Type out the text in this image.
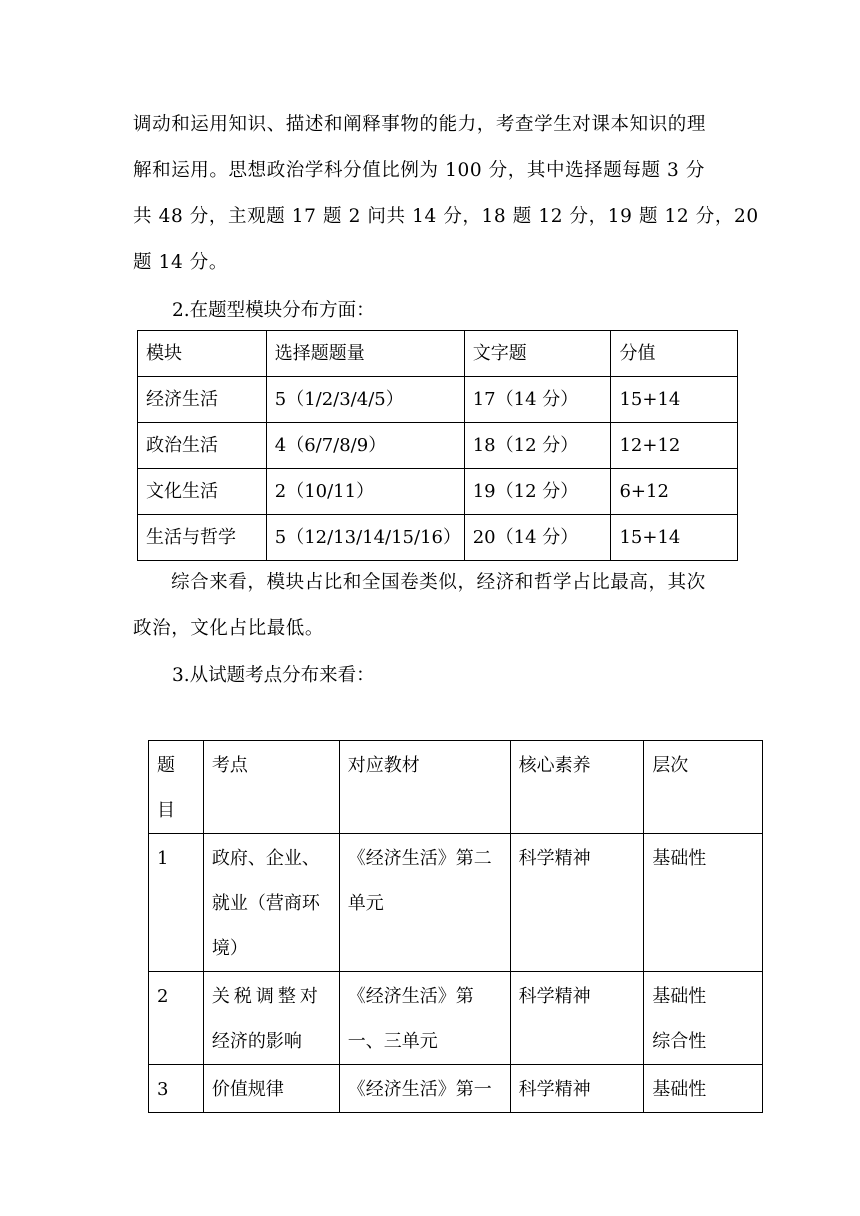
调动和运用知识、描述和阐释事物的能力，考查学生对课本知识的理
解和运用。思想政治学科分值比例为 100 分，其中选择题每题 3 分
共 48 分，主观题 17 题 2 问共 14 分，18 题 12 分，19 题 12 分，20
题 14 分。

2.在题型模块分布方面：

模块	选择题题量	文字题	分值
经济生活	5（1/2/3/4/5）	17（14 分）	15+14
政治生活	4（6/7/8/9）	18（12 分）	12+12
文化生活	2（10/11）	19（12 分）	6+12
生活与哲学	5（12/13/14/15/16）	20（14 分）	15+14
综合来看，模块占比和全国卷类似，经济和哲学占比最高，其次
政治，文化占比最低。

3.从试题考点分布来看：

题
目	考点	对应教材	核心素养	层次

1	政府、企业、
就业（营商环
境）	《经济生活》第二
单元	科学精神	基础性

2	关税调整对
经济的影响	《经济生活》第
一、三单元	科学精神	基础性
综合性

3	价值规律	《经济生活》第一	科学精神	基础性
